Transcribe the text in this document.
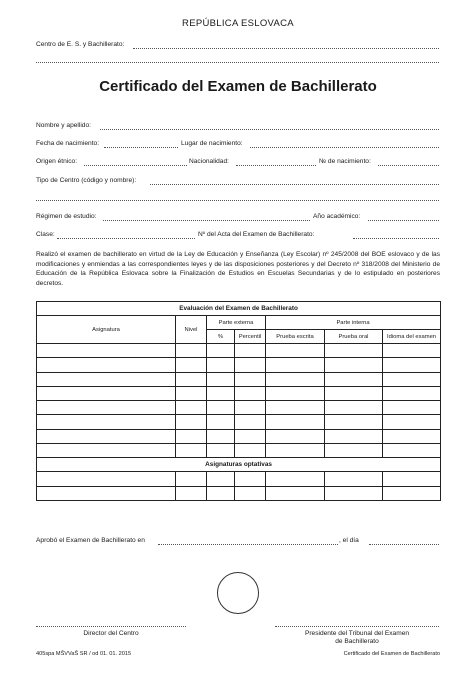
REPÚBLICA ESLOVACA
Centro de E. S. y Bachillerato:
Certificado del Examen de Bachillerato
Nombre y apellido:
Fecha de nacimiento:	Lugar de nacimiento:
Origen étnico:	Nacionalidad:	№ de nacimiento:
Tipo de Centro (código y nombre):
Régimen de estudio:	Año académico:
Clase:	Nº del Acta del Examen de Bachillerato:
Realizó el examen de bachillerato en virtud de la Ley de Educación y Enseñanza (Ley Escolar) nº 245/2008 del BOE eslovaco y de las modificaciones y enmiendas a las correspondientes leyes y de las disposiciones posteriores y del Decreto nº 318/2008 del Ministerio de Educación de la República Eslovaca sobre la Finalización de Estudios en Escuelas Secundarias y de lo estipulado en posteriores decretos.
Evaluación del Examen de Bachillerato						
Asignatura	Nivel	Parte externa		Parte interna		
		%	Percentil	Prueba escrita	Prueba oral	Idioma del examen

Asignaturas optativas						

Aprobó el Examen de Bachillerato en	, el día
Director del Centro	Presidente del Tribunal del Examen
de Bachillerato
405spa MŠVVaŠ SR / od 01. 01. 2015	Certificado del Examen de Bachillerato
